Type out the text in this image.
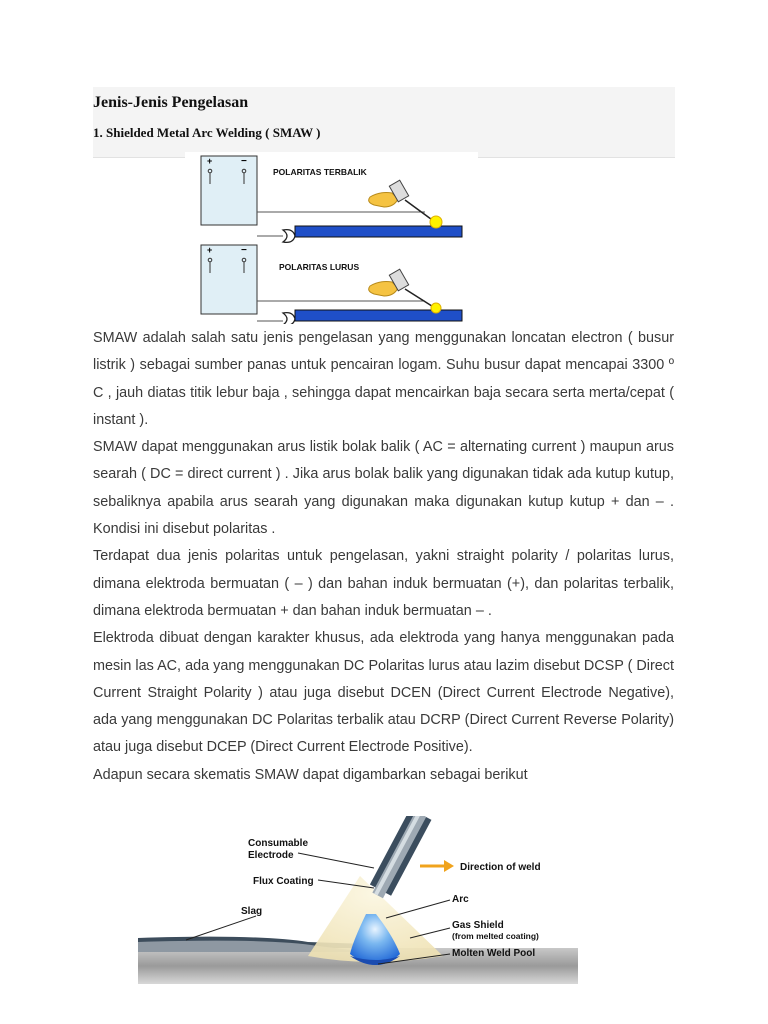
Jenis-Jenis Pengelasan
1. Shielded Metal Arc Welding ( SMAW )
+	−
POLARITAS TERBALIK
+	−
POLARITAS LURUS

SMAW adalah salah satu jenis pengelasan yang menggunakan loncatan electron ( busur listrik ) sebagai sumber panas untuk pencairan logam. Suhu busur dapat mencapai 3300 º C , jauh diatas titik lebur baja , sehingga dapat mencairkan baja secara serta merta/cepat ( instant ).

SMAW dapat menggunakan arus listik bolak balik ( AC = alternating current ) maupun arus searah ( DC = direct current ) . Jika arus bolak balik yang digunakan tidak ada kutup kutup, sebaliknya apabila arus searah yang digunakan maka digunakan kutup kutup + dan – . Kondisi ini disebut polaritas .

Terdapat dua jenis polaritas untuk pengelasan, yakni straight polarity / polaritas lurus, dimana elektroda bermuatan ( – ) dan bahan induk bermuatan (+), dan polaritas terbalik, dimana elektroda bermuatan + dan bahan induk bermuatan – .

Elektroda dibuat dengan karakter khusus, ada elektroda yang hanya menggunakan pada mesin las AC, ada yang menggunakan DC Polaritas lurus atau lazim disebut DCSP ( Direct Current Straight Polarity ) atau juga disebut DCEN (Direct Current Electrode Negative), ada yang menggunakan DC Polaritas terbalik atau DCRP (Direct Current Reverse Polarity) atau juga disebut DCEP (Direct Current Electrode Positive).

Adapun secara skematis SMAW dapat digambarkan sebagai berikut

Consumable
Electrode
Flux Coating
Slag
Direction of weld
Arc
Gas Shield
(from melted coating)
Molten Weld Pool
